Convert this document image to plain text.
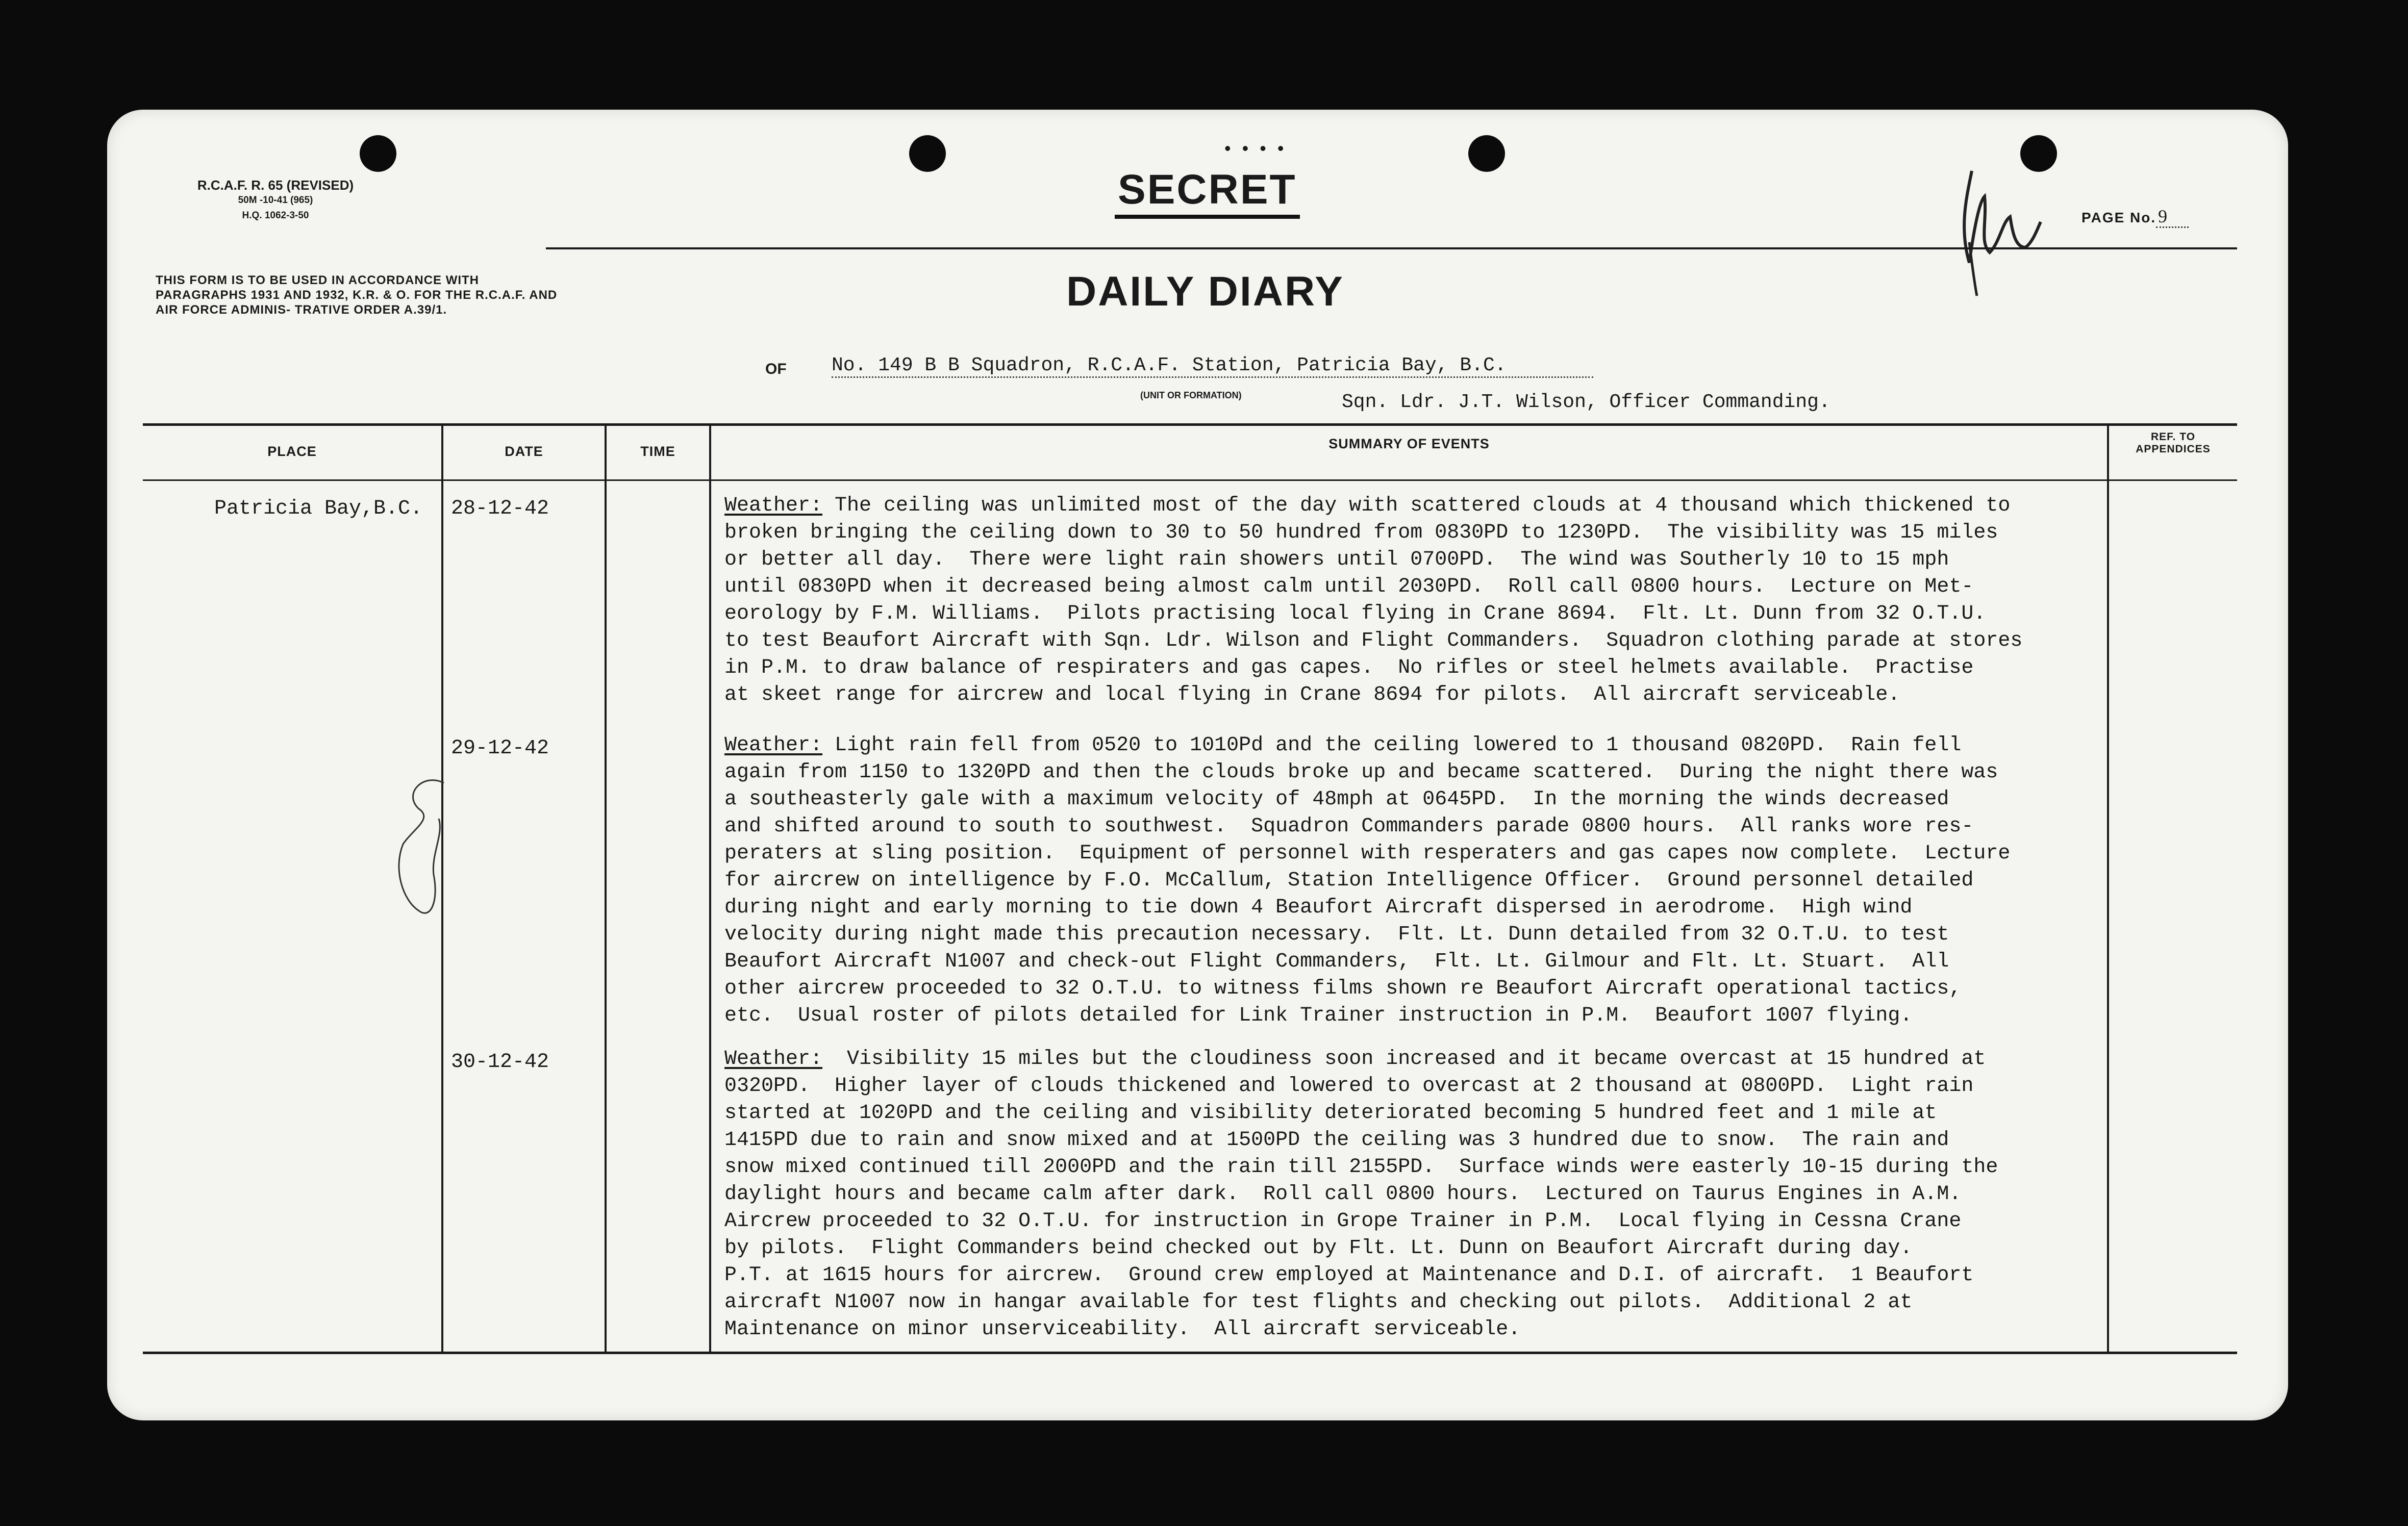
R.C.A.F. R. 65 (REVISED)
50M -10-41 (965)
H.Q. 1062-3-50
THIS FORM IS TO BE USED IN ACCORDANCE WITH PARAGRAPHS 1931 AND 1932, K.R. & O. FOR THE R.C.A.F. AND AIR FORCE ADMINIS- TRATIVE ORDER A.39/1.
• • • •
SECRET
PAGE No. 9
DAILY DIARY
OF No. 149 B B Squadron, R.C.A.F. Station, Patricia Bay, B.C.
(UNIT OR FORMATION)	Sqn. Ldr. J.T. Wilson, Officer Commanding.
PLACE	DATE	TIME	SUMMARY OF EVENTS	REF. TO
APPENDICES
Patricia Bay,B.C.	28-12-42	Weather: The ceiling was unlimited most of the day with scattered clouds at 4 thousand which thickened to
broken bringing the ceiling down to 30 to 50 hundred from 0830PD to 1230PD.  The visibility was 15 miles
or better all day.  There were light rain showers until 0700PD.  The wind was Southerly 10 to 15 mph
until 0830PD when it decreased being almost calm until 2030PD.  Roll call 0800 hours.  Lecture on Met-
eorology by F.M. Williams.  Pilots practising local flying in Crane 8694.  Flt. Lt. Dunn from 32 O.T.U.
to test Beaufort Aircraft with Sqn. Ldr. Wilson and Flight Commanders.  Squadron clothing parade at stores
in P.M. to draw balance of respiraters and gas capes.  No rifles or steel helmets available.  Practise
at skeet range for aircrew and local flying in Crane 8694 for pilots.  All aircraft serviceable.
29-12-42	Weather: Light rain fell from 0520 to 1010Pd and the ceiling lowered to 1 thousand 0820PD.  Rain fell
again from 1150 to 1320PD and then the clouds broke up and became scattered.  During the night there was
a southeasterly gale with a maximum velocity of 48mph at 0645PD.  In the morning the winds decreased
and shifted around to south to southwest.  Squadron Commanders parade 0800 hours.  All ranks wore res-
peraters at sling position.  Equipment of personnel with resperaters and gas capes now complete.  Lecture
for aircrew on intelligence by F.O. McCallum, Station Intelligence Officer.  Ground personnel detailed
during night and early morning to tie down 4 Beaufort Aircraft dispersed in aerodrome.  High wind
velocity during night made this precaution necessary.  Flt. Lt. Dunn detailed from 32 O.T.U. to test
Beaufort Aircraft N1007 and check-out Flight Commanders,  Flt. Lt. Gilmour and Flt. Lt. Stuart.  All
other aircrew proceeded to 32 O.T.U. to witness films shown re Beaufort Aircraft operational tactics,
etc.  Usual roster of pilots detailed for Link Trainer instruction in P.M.  Beaufort 1007 flying.
30-12-42	Weather:  Visibility 15 miles but the cloudiness soon increased and it became overcast at 15 hundred at
0320PD.  Higher layer of clouds thickened and lowered to overcast at 2 thousand at 0800PD.  Light rain
started at 1020PD and the ceiling and visibility deteriorated becoming 5 hundred feet and 1 mile at
1415PD due to rain and snow mixed and at 1500PD the ceiling was 3 hundred due to snow.  The rain and
snow mixed continued till 2000PD and the rain till 2155PD.  Surface winds were easterly 10-15 during the
daylight hours and became calm after dark.  Roll call 0800 hours.  Lectured on Taurus Engines in A.M.
Aircrew proceeded to 32 O.T.U. for instruction in Grope Trainer in P.M.  Local flying in Cessna Crane
by pilots.  Flight Commanders beind checked out by Flt. Lt. Dunn on Beaufort Aircraft during day.
P.T. at 1615 hours for aircrew.  Ground crew employed at Maintenance and D.I. of aircraft.  1 Beaufort
aircraft N1007 now in hangar available for test flights and checking out pilots.  Additional 2 at
Maintenance on minor unserviceability.  All aircraft serviceable.
